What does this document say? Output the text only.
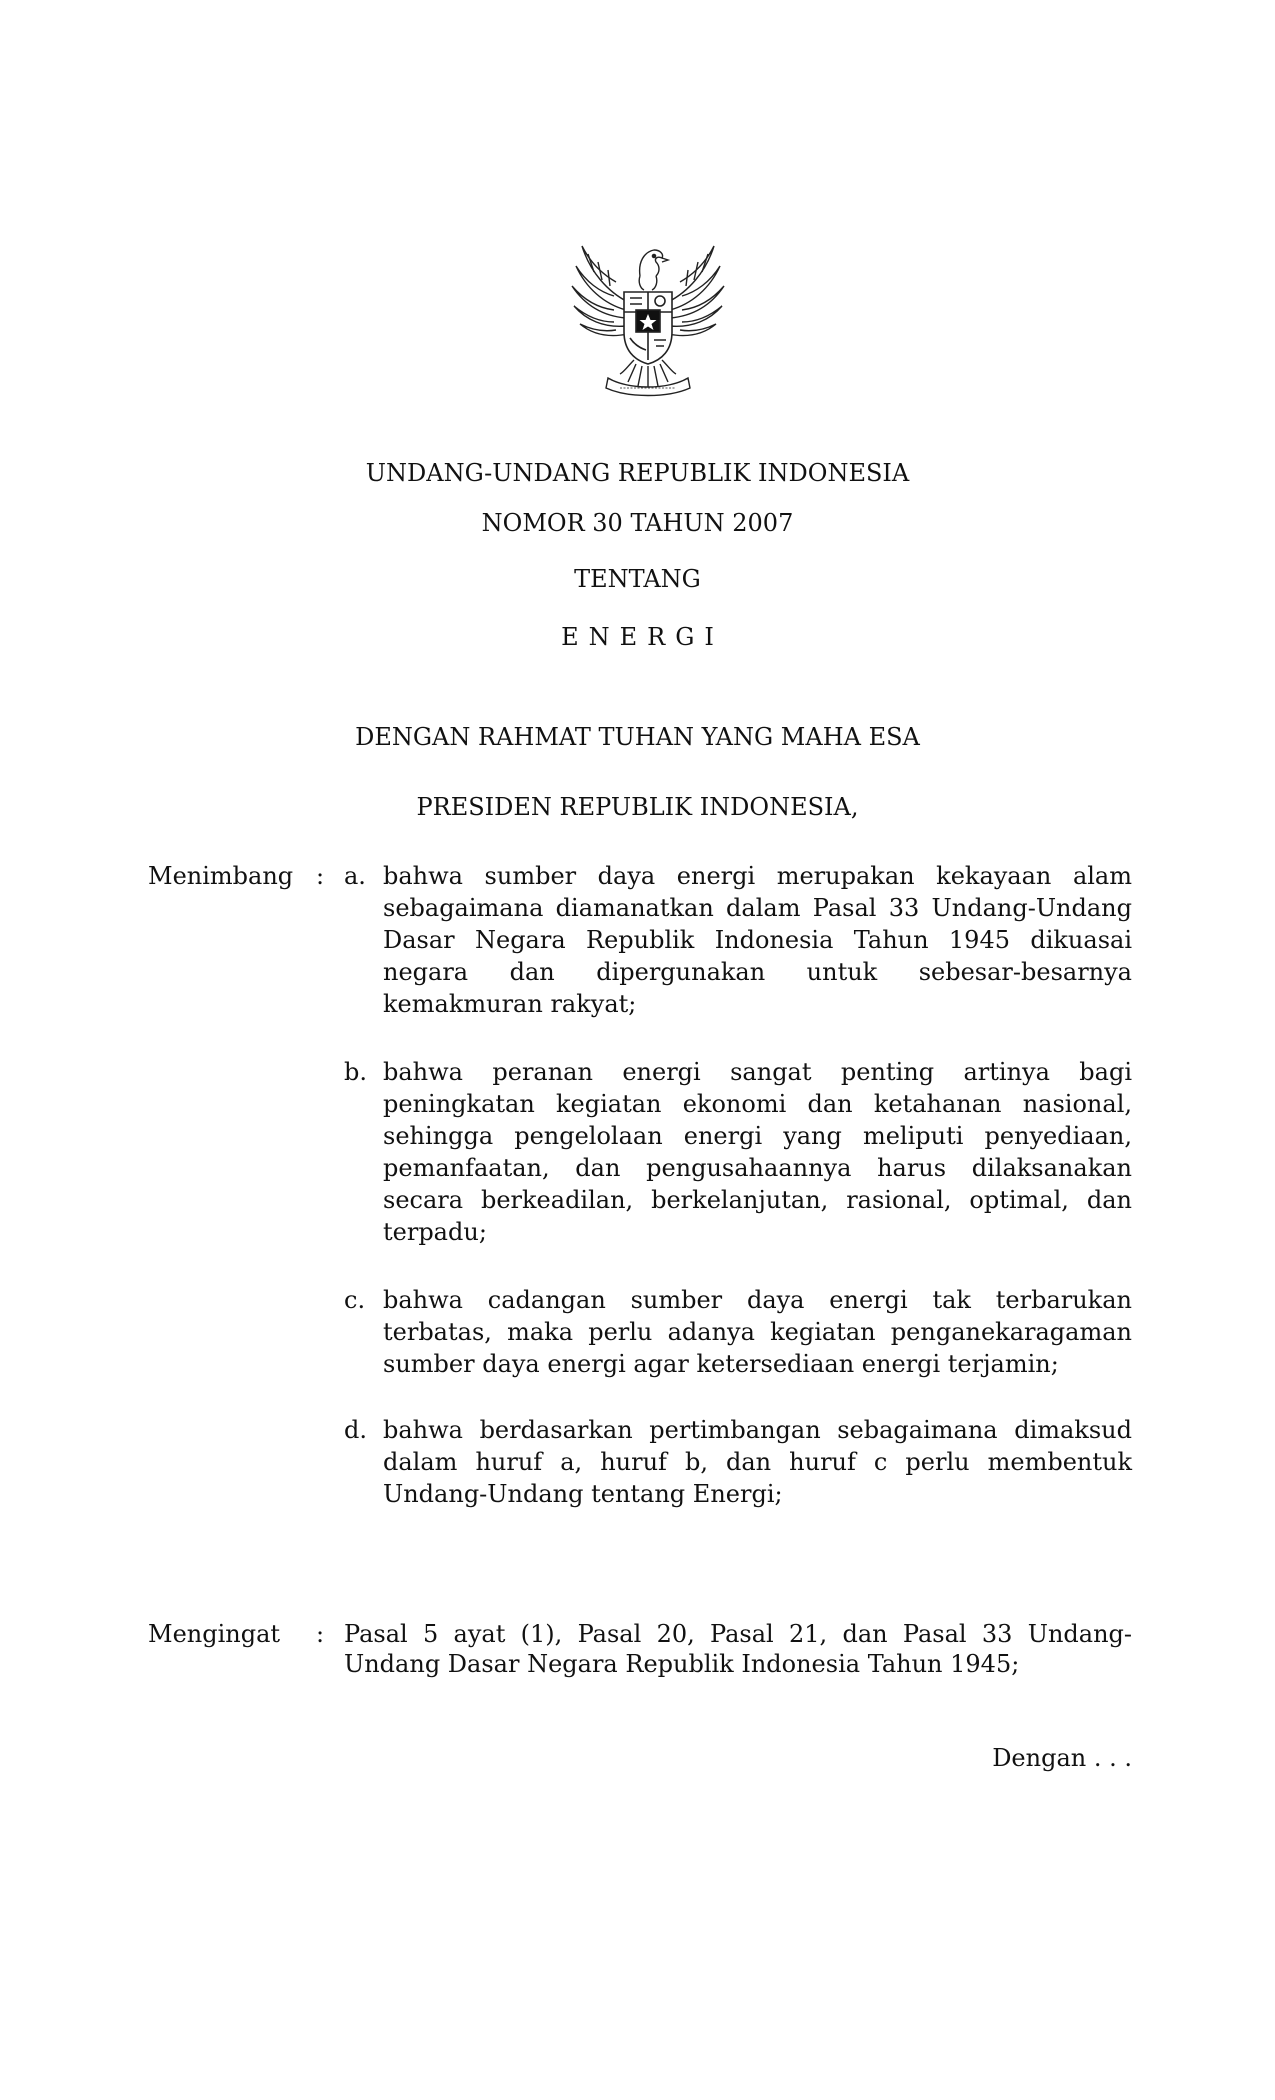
UNDANG-UNDANG REPUBLIK INDONESIA
NOMOR 30 TAHUN 2007
TENTANG
ENERGI
DENGAN RAHMAT TUHAN YANG MAHA ESA
PRESIDEN REPUBLIK INDONESIA,
Menimbang : a. bahwa sumber daya energi merupakan kekayaan alam sebagaimana diamanatkan dalam Pasal 33 Undang-Undang Dasar Negara Republik Indonesia Tahun 1945 dikuasai negara dan dipergunakan untuk sebesar-besarnya kemakmuran rakyat;
b. bahwa peranan energi sangat penting artinya bagi peningkatan kegiatan ekonomi dan ketahanan nasional, sehingga pengelolaan energi yang meliputi penyediaan, pemanfaatan, dan pengusahaannya harus dilaksanakan secara berkeadilan, berkelanjutan, rasional, optimal, dan terpadu;
c. bahwa cadangan sumber daya energi tak terbarukan terbatas, maka perlu adanya kegiatan penganekaragaman sumber daya energi agar ketersediaan energi terjamin;
d. bahwa berdasarkan pertimbangan sebagaimana dimaksud dalam huruf a, huruf b, dan huruf c perlu membentuk Undang-Undang tentang Energi;
Mengingat : Pasal 5 ayat (1), Pasal 20, Pasal 21, dan Pasal 33 Undang-Undang Dasar Negara Republik Indonesia Tahun 1945;
Dengan . . .
